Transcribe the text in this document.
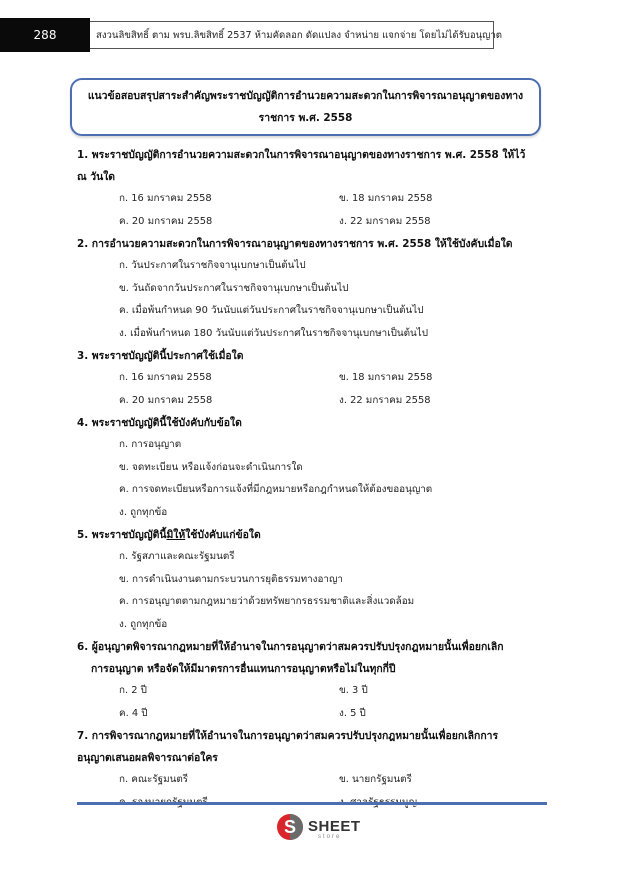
288	สงวนลิขสิทธิ์ ตาม พรบ.ลิขสิทธิ์ 2537 ห้ามคัดลอก ดัดแปลง จำหน่าย แจกจ่าย โดยไม่ได้รับอนุญาต
แนวข้อสอบสรุปสาระสำคัญพระราชบัญญัติการอำนวยความสะดวกในการพิจารณาอนุญาตของทาง
ราชการ พ.ศ. 2558

1. พระราชบัญญัติการอำนวยความสะดวกในการพิจารณาอนุญาตของทางราชการ พ.ศ. 2558 ให้ไว้

ณ วันใด

ก. 16 มกราคม 2558	ข. 18 มกราคม 2558
ค. 20 มกราคม 2558	ง. 22 มกราคม 2558

2. การอำนวยความสะดวกในการพิจารณาอนุญาตของทางราชการ พ.ศ. 2558 ให้ใช้บังคับเมื่อใด

ก. วันประกาศในราชกิจจานุเบกษาเป็นต้นไป
ข. วันถัดจากวันประกาศในราชกิจจานุเบกษาเป็นต้นไป
ค. เมื่อพ้นกำหนด 90 วันนับแต่วันประกาศในราชกิจจานุเบกษาเป็นต้นไป
ง. เมื่อพ้นกำหนด 180 วันนับแต่วันประกาศในราชกิจจานุเบกษาเป็นต้นไป

3. พระราชบัญญัตินี้ประกาศใช้เมื่อใด

ก. 16 มกราคม 2558	ข. 18 มกราคม 2558
ค. 20 มกราคม 2558	ง. 22 มกราคม 2558

4. พระราชบัญญัตินี้ใช้บังคับกับข้อใด

ก. การอนุญาต
ข. จดทะเบียน หรือแจ้งก่อนจะดำเนินการใด
ค. การจดทะเบียนหรือการแจ้งที่มีกฎหมายหรือกฎกำหนดให้ต้องขออนุญาต
ง. ถูกทุกข้อ

5. พระราชบัญญัตินี้มิให้ใช้บังคับแก่ข้อใด

ก. รัฐสภาและคณะรัฐมนตรี
ข. การดำเนินงานตามกระบวนการยุติธรรมทางอาญา
ค. การอนุญาตตามกฎหมายว่าด้วยทรัพยากรธรรมชาติและสิ่งแวดล้อม
ง. ถูกทุกข้อ

6. ผู้อนุญาตพิจารณากฎหมายที่ให้อำนาจในการอนุญาตว่าสมควรปรับปรุงกฎหมายนั้นเพื่อยกเลิก

การอนุญาต หรือจัดให้มีมาตรการอื่นแทนการอนุญาตหรือไม่ในทุกกี่ปี

ก. 2 ปี	ข. 3 ปี
ค. 4 ปี	ง. 5 ปี

7. การพิจารณากฎหมายที่ให้อำนาจในการอนุญาตว่าสมควรปรับปรุงกฎหมายนั้นเพื่อยกเลิกการ

อนุญาตเสนอผลพิจารณาต่อใคร

ก. คณะรัฐมนตรี	ข. นายกรัฐมนตรี
S SHEET
store
